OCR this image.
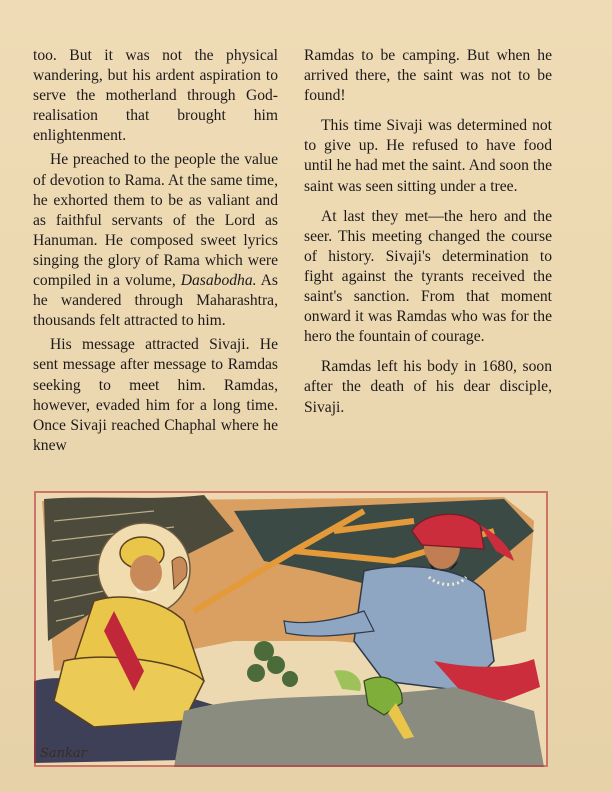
too. But it was not the physical wandering, but his ardent aspiration to serve the motherland through God-realisation that brought him enlightenment.

He preached to the people the value of devotion to Rama. At the same time, he exhorted them to be as valiant and as faithful servants of the Lord as Hanuman. He composed sweet lyrics singing the glory of Rama which were compiled in a volume, Dasabodha. As he wandered through Maharashtra, thousands felt attracted to him.

His message attracted Sivaji. He sent message after message to Ramdas seeking to meet him. Ramdas, however, evaded him for a long time. Once Sivaji reached Chaphal where he knew

Ramdas to be camping. But when he arrived there, the saint was not to be found!

This time Sivaji was determined not to give up. He refused to have food until he had met the saint. And soon the saint was seen sitting under a tree.

At last they met—the hero and the seer. This meeting changed the course of history. Sivaji's determination to fight against the tyrants received the saint's sanction. From that moment onward it was Ramdas who was for the hero the fountain of courage.

Ramdas left his body in 1680, soon after the death of his dear disciple, Sivaji.

Sankar
